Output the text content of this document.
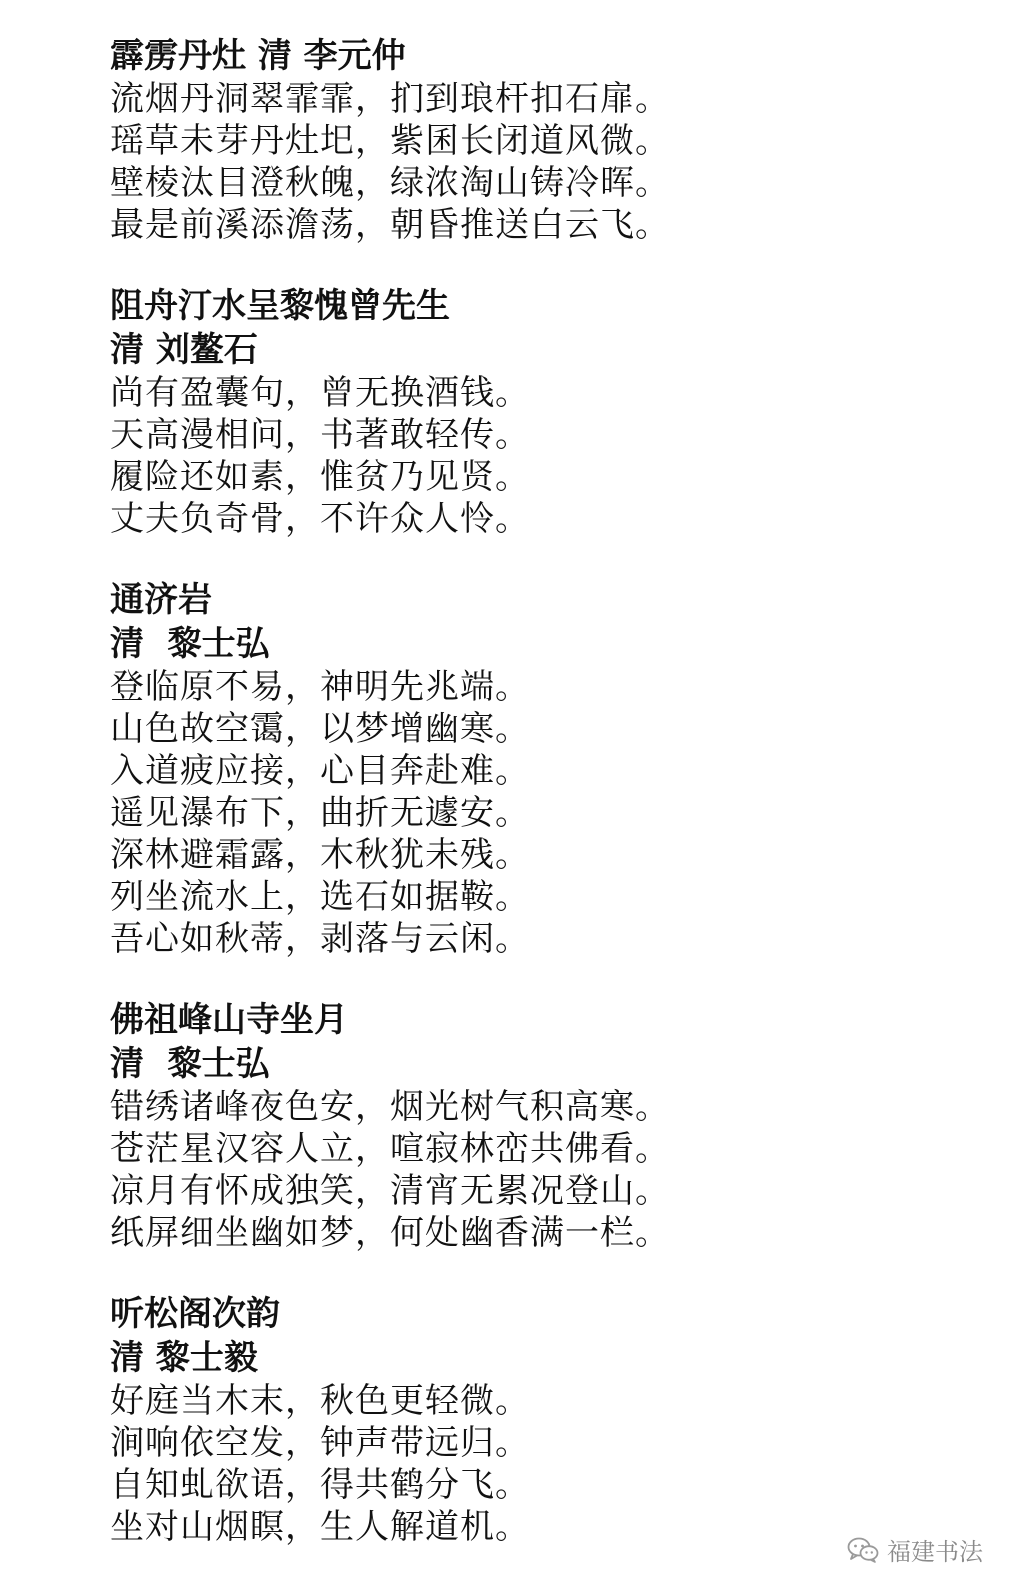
霹雳丹灶 清 李元仲
流烟丹洞翠霏霏，扪到琅杆扣石扉。
瑶草未芽丹灶圯，紫囷长闭道风微。
壁棱汰目澄秋魄，绿浓淘山铸冷晖。
最是前溪添澹荡，朝昏推送白云飞。
阻舟汀水呈黎愧曾先生
清 刘鳌石
尚有盈囊句，曾无换酒钱。
天高漫相问，书著敢轻传。
履险还如素，惟贫乃见贤。
丈夫负奇骨，不许众人怜。
通济岩
清  黎士弘
登临原不易，神明先兆端。
山色故空霭，以梦增幽寒。
入道疲应接，心目奔赴难。
遥见瀑布下，曲折无遽安。
深林避霜露，木秋犹未残。
列坐流水上，选石如据鞍。
吾心如秋蒂，剥落与云闲。
佛祖峰山寺坐月
清  黎士弘
错绣诸峰夜色安，烟光树气积高寒。
苍茫星汉容人立，喧寂林峦共佛看。
凉月有怀成独笑，清宵无累况登山。
纸屏细坐幽如梦，何处幽香满一栏。
听松阁次韵
清 黎士毅
好庭当木末，秋色更轻微。
涧响依空发，钟声带远归。
自知虬欲语，得共鹤分飞。
坐对山烟瞑，生人解道机。
福建书法
